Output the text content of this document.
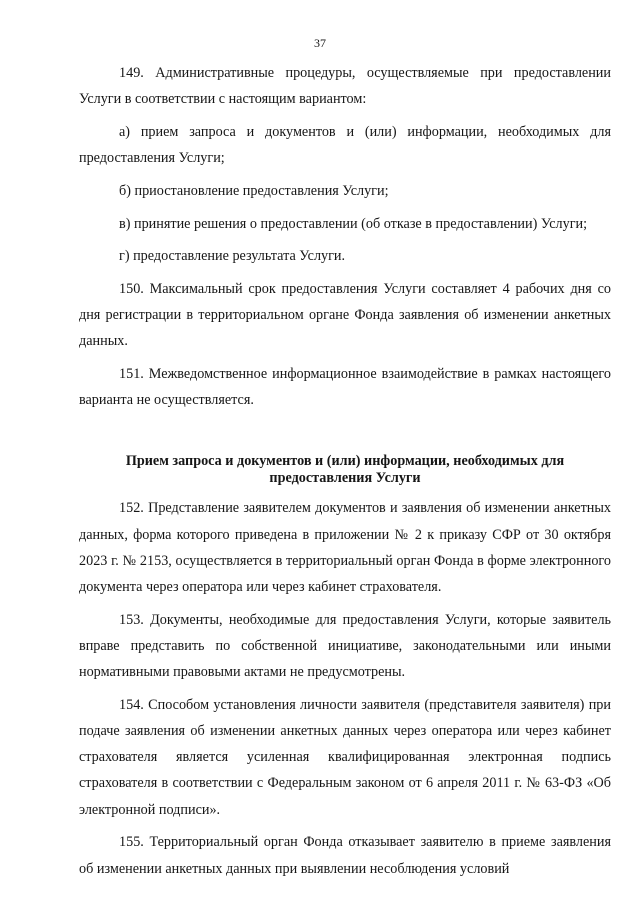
37

149. Административные процедуры, осуществляемые при предоставлении Услуги в соответствии с настоящим вариантом:

а) прием запроса и документов и (или) информации, необходимых для предоставления Услуги;

б) приостановление предоставления Услуги;

в) принятие решения о предоставлении (об отказе в предоставлении) Услуги;

г) предоставление результата Услуги.

150. Максимальный срок предоставления Услуги составляет 4 рабочих дня со дня регистрации в территориальном органе Фонда заявления об изменении анкетных данных.

151. Межведомственное информационное взаимодействие в рамках настоящего варианта не осуществляется.

Прием запроса и документов и (или) информации, необходимых для предоставления Услуги

152. Представление заявителем документов и заявления об изменении анкетных данных, форма которого приведена в приложении № 2 к приказу СФР от 30 октября 2023 г. № 2153, осуществляется в территориальный орган Фонда в форме электронного документа через оператора или через кабинет страхователя.

153. Документы, необходимые для предоставления Услуги, которые заявитель вправе представить по собственной инициативе, законодательными или иными нормативными правовыми актами не предусмотрены.

154. Способом установления личности заявителя (представителя заявителя) при подаче заявления об изменении анкетных данных через оператора или через кабинет страхователя является усиленная квалифицированная электронная подпись страхователя в соответствии с Федеральным законом от 6 апреля 2011 г. № 63-ФЗ «Об электронной подписи».

155. Территориальный орган Фонда отказывает заявителю в приеме заявления об изменении анкетных данных при выявлении несоблюдения условий
